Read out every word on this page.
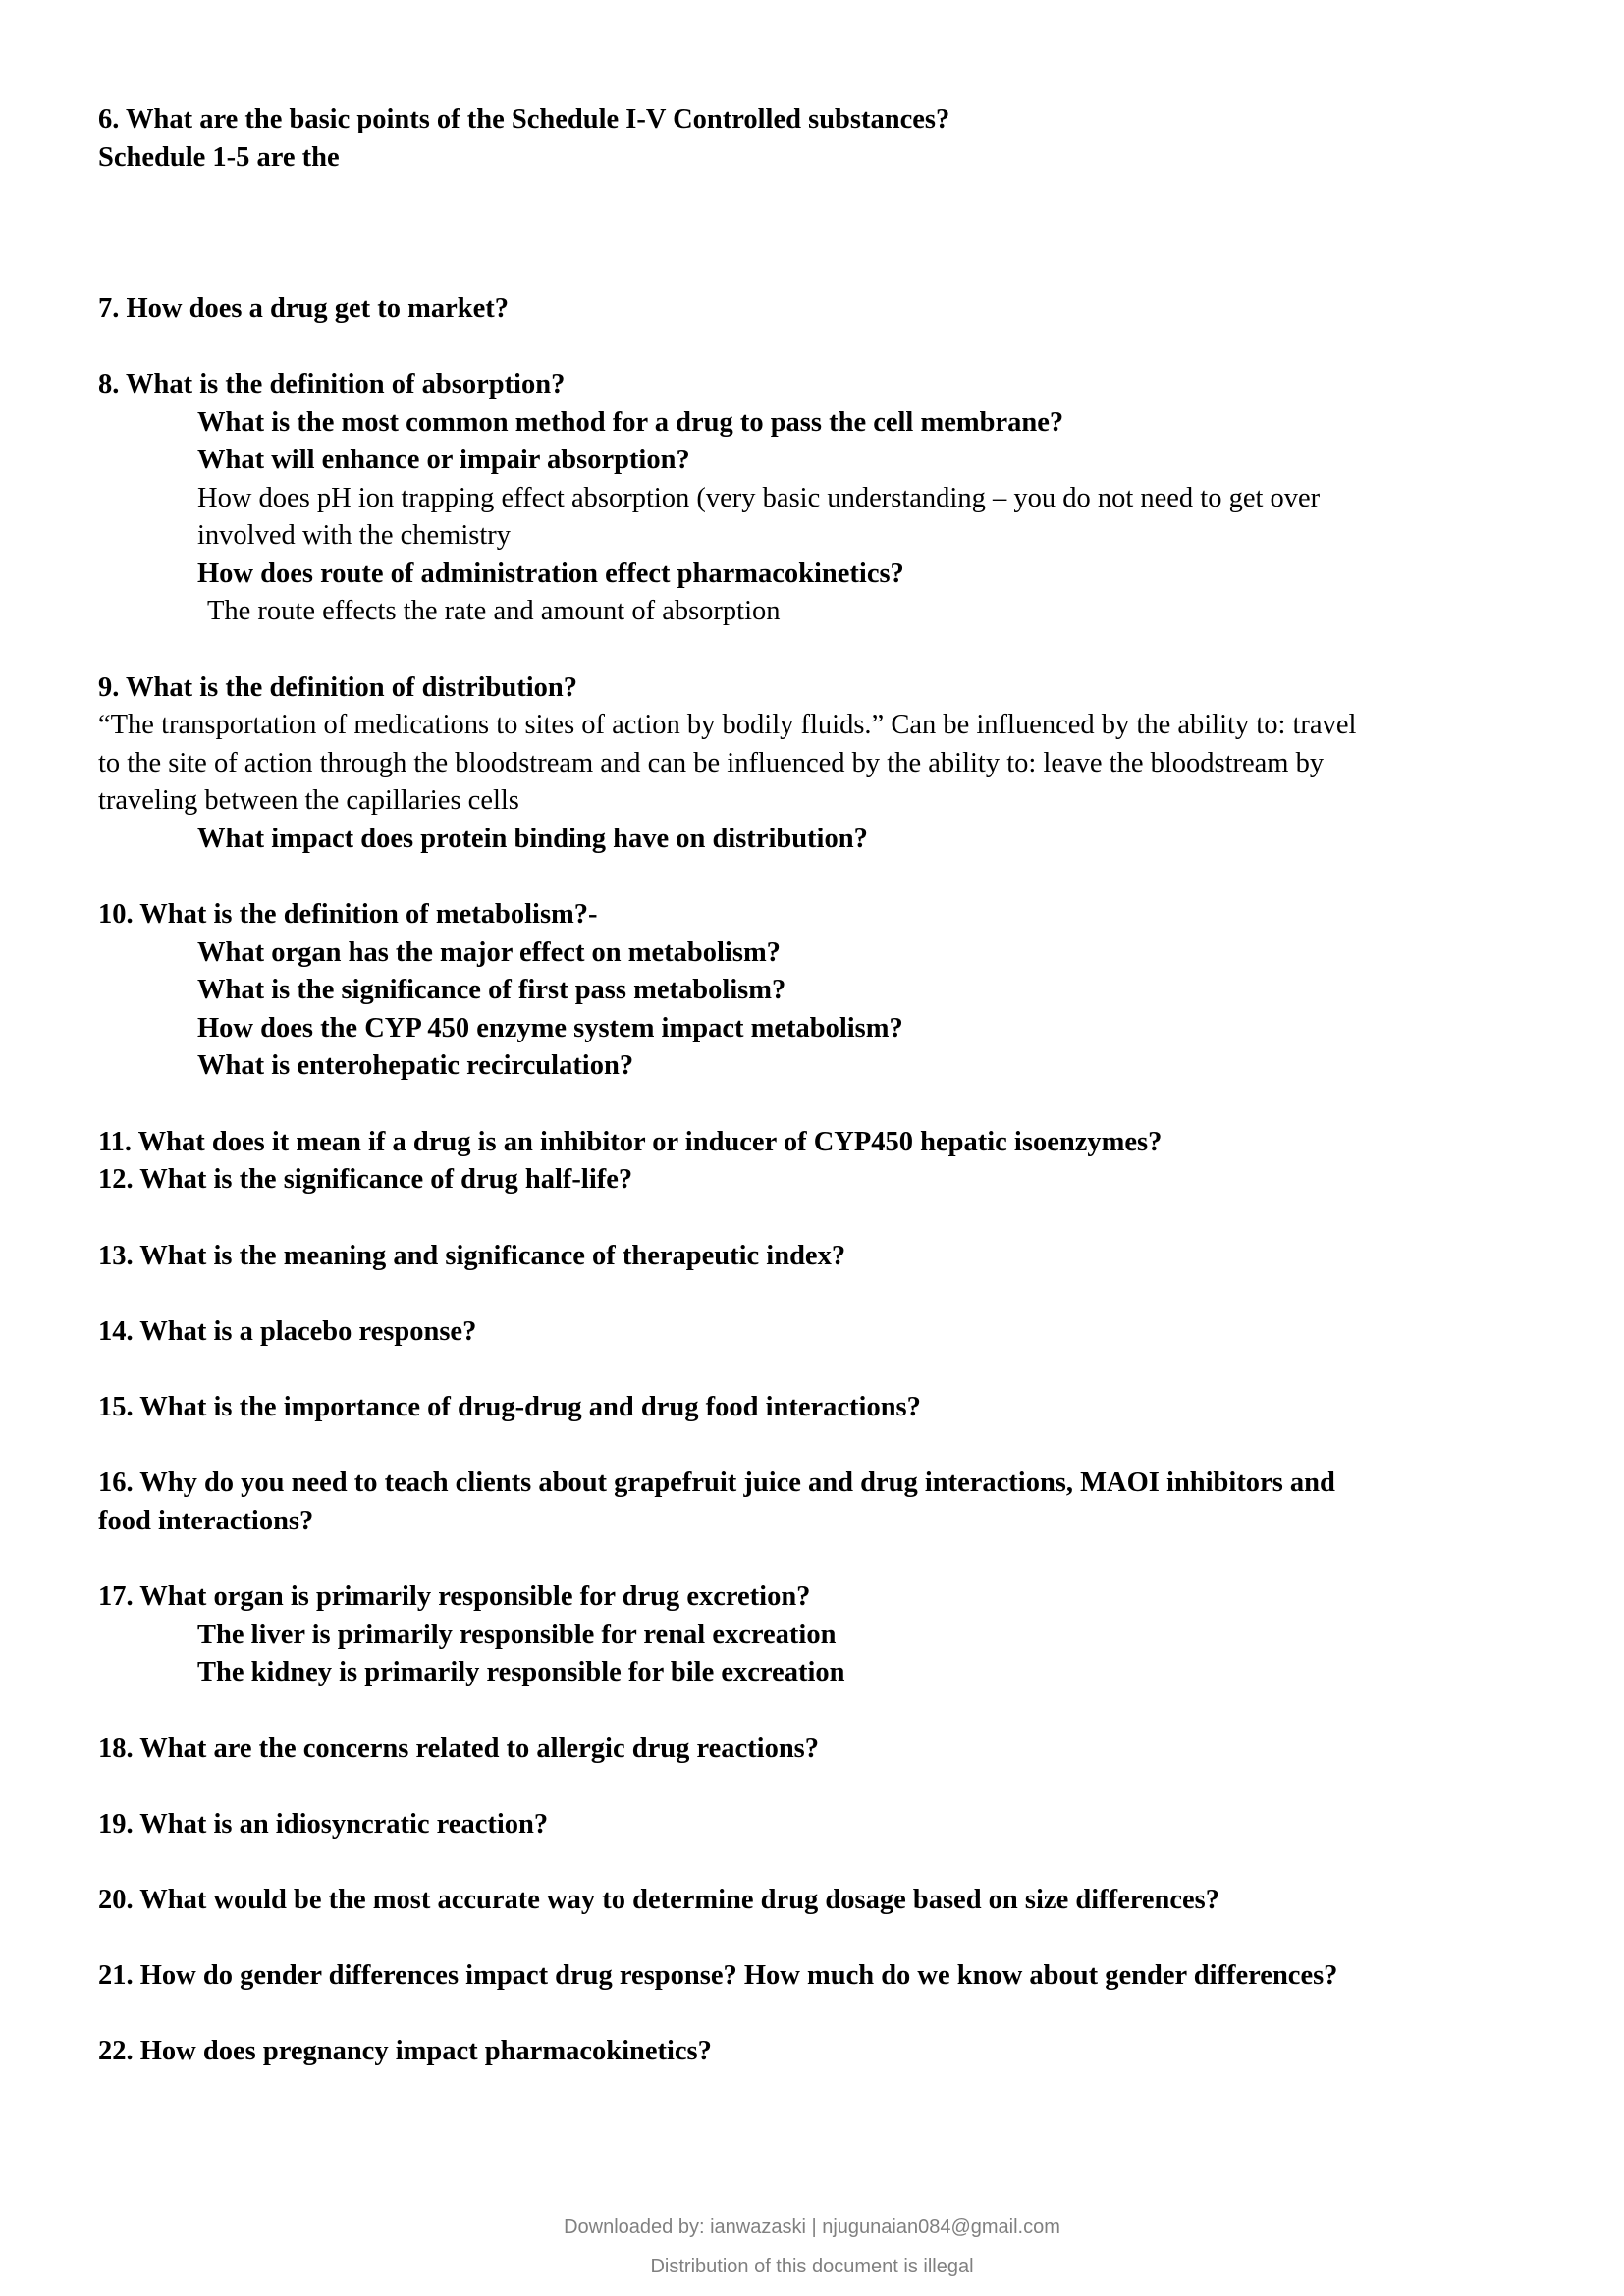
6. What are the basic points of the Schedule I-V Controlled substances?
Schedule 1-5 are the
7. How does a drug get to market?
8. What is the definition of absorption?
What is the most common method for a drug to pass the cell membrane?
What will enhance or impair absorption?
How does pH ion trapping effect absorption (very basic understanding – you do not need to get over
involved with the chemistry
How does route of administration effect pharmacokinetics?
The route effects the rate and amount of absorption
9. What is the definition of distribution?
“The transportation of medications to sites of action by bodily fluids.” Can be influenced by the ability to: travel
to the site of action through the bloodstream and can be influenced by the ability to: leave the bloodstream by
traveling between the capillaries cells
What impact does protein binding have on distribution?
10. What is the definition of metabolism?-
What organ has the major effect on metabolism?
What is the significance of first pass metabolism?
How does the CYP 450 enzyme system impact metabolism?
What is enterohepatic recirculation?
11. What does it mean if a drug is an inhibitor or inducer of CYP450 hepatic isoenzymes?
12. What is the significance of drug half-life?
13. What is the meaning and significance of therapeutic index?
14. What is a placebo response?
15. What is the importance of drug-drug and drug food interactions?
16. Why do you need to teach clients about grapefruit juice and drug interactions, MAOI inhibitors and
food interactions?
17. What organ is primarily responsible for drug excretion?
The liver is primarily responsible for renal excreation
The kidney is primarily responsible for bile excreation
18. What are the concerns related to allergic drug reactions?
19. What is an idiosyncratic reaction?
20. What would be the most accurate way to determine drug dosage based on size differences?
21. How do gender differences impact drug response? How much do we know about gender differences?
22. How does pregnancy impact pharmacokinetics?
Downloaded by: ianwazaski | njugunaian084@gmail.com
Distribution of this document is illegal
